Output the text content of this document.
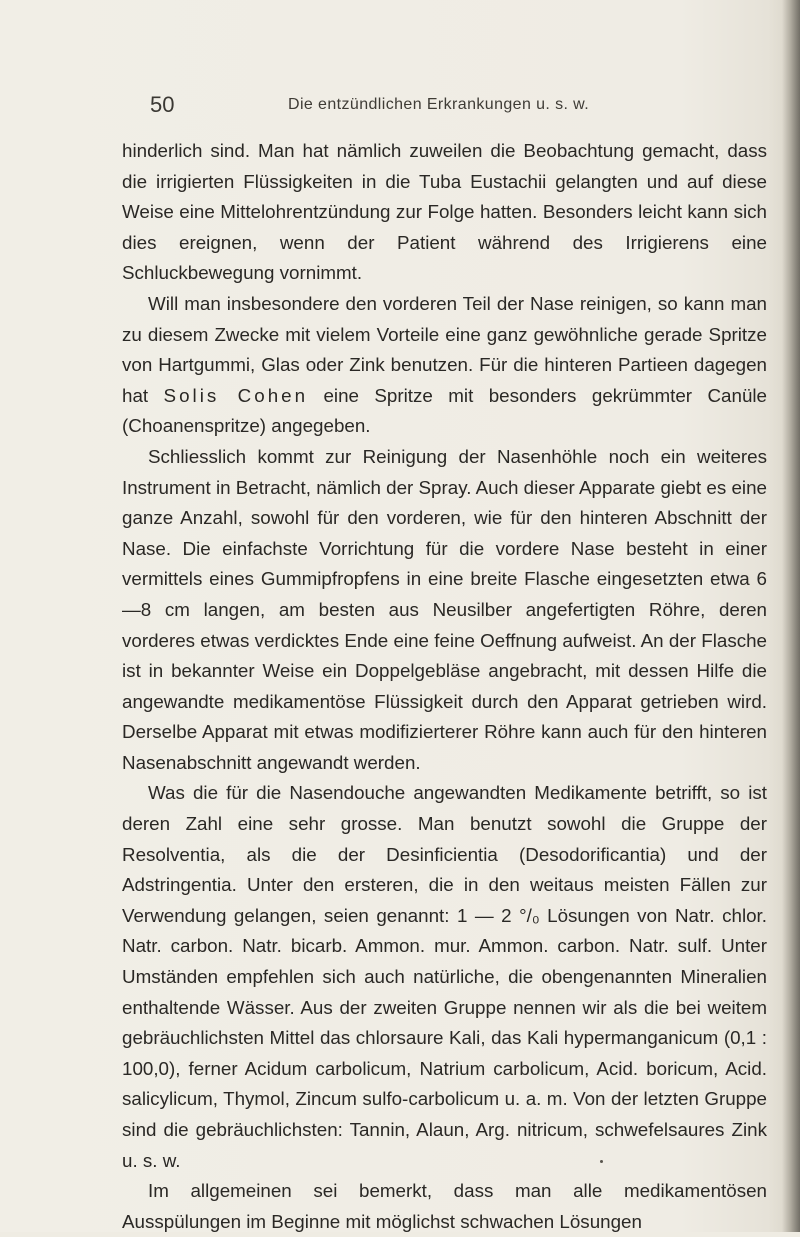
50	Die entzündlichen Erkrankungen u. s. w.

hinderlich sind. Man hat nämlich zuweilen die Beobachtung gemacht, dass die irrigierten Flüssigkeiten in die Tuba Eustachii gelangten und auf diese Weise eine Mittelohrentzündung zur Folge hatten. Besonders leicht kann sich dies ereignen, wenn der Patient während des Irrigierens eine Schluckbewegung vornimmt.

Will man insbesondere den vorderen Teil der Nase reinigen, so kann man zu diesem Zwecke mit vielem Vorteile eine ganz gewöhnliche gerade Spritze von Hartgummi, Glas oder Zink benutzen. Für die hinteren Partieen dagegen hat Solis Cohen eine Spritze mit besonders gekrümmter Canüle (Choanenspritze) angegeben.

Schliesslich kommt zur Reinigung der Nasenhöhle noch ein weiteres Instrument in Betracht, nämlich der Spray. Auch dieser Apparate giebt es eine ganze Anzahl, sowohl für den vorderen, wie für den hinteren Abschnitt der Nase. Die einfachste Vorrichtung für die vordere Nase besteht in einer vermittels eines Gummipfropfens in eine breite Flasche eingesetzten etwa 6—8 cm langen, am besten aus Neusilber angefertigten Röhre, deren vorderes etwas verdicktes Ende eine feine Oeffnung aufweist. An der Flasche ist in bekannter Weise ein Doppelgebläse angebracht, mit dessen Hilfe die angewandte medikamentöse Flüssigkeit durch den Apparat getrieben wird. Derselbe Apparat mit etwas modifizierterer Röhre kann auch für den hinteren Nasenabschnitt angewandt werden.

Was die für die Nasendouche angewandten Medikamente betrifft, so ist deren Zahl eine sehr grosse. Man benutzt sowohl die Gruppe der Resolventia, als die der Desinficientia (Desodorificantia) und der Adstringentia. Unter den ersteren, die in den weitaus meisten Fällen zur Verwendung gelangen, seien genannt: 1 — 2 °/₀ Lösungen von Natr. chlor. Natr. carbon. Natr. bicarb. Ammon. mur. Ammon. carbon. Natr. sulf. Unter Umständen empfehlen sich auch natürliche, die obengenannten Mineralien enthaltende Wässer. Aus der zweiten Gruppe nennen wir als die bei weitem gebräuchlichsten Mittel das chlorsaure Kali, das Kali hypermanganicum (0,1 : 100,0), ferner Acidum carbolicum, Natrium carbolicum, Acid. boricum, Acid. salicylicum, Thymol, Zincum sulfo-carbolicum u. a. m. Von der letzten Gruppe sind die gebräuchlichsten: Tannin, Alaun, Arg. nitricum, schwefelsaures Zink u. s. w.

Im allgemeinen sei bemerkt, dass man alle medikamentösen Ausspülungen im Beginne mit möglichst schwachen Lösungen
